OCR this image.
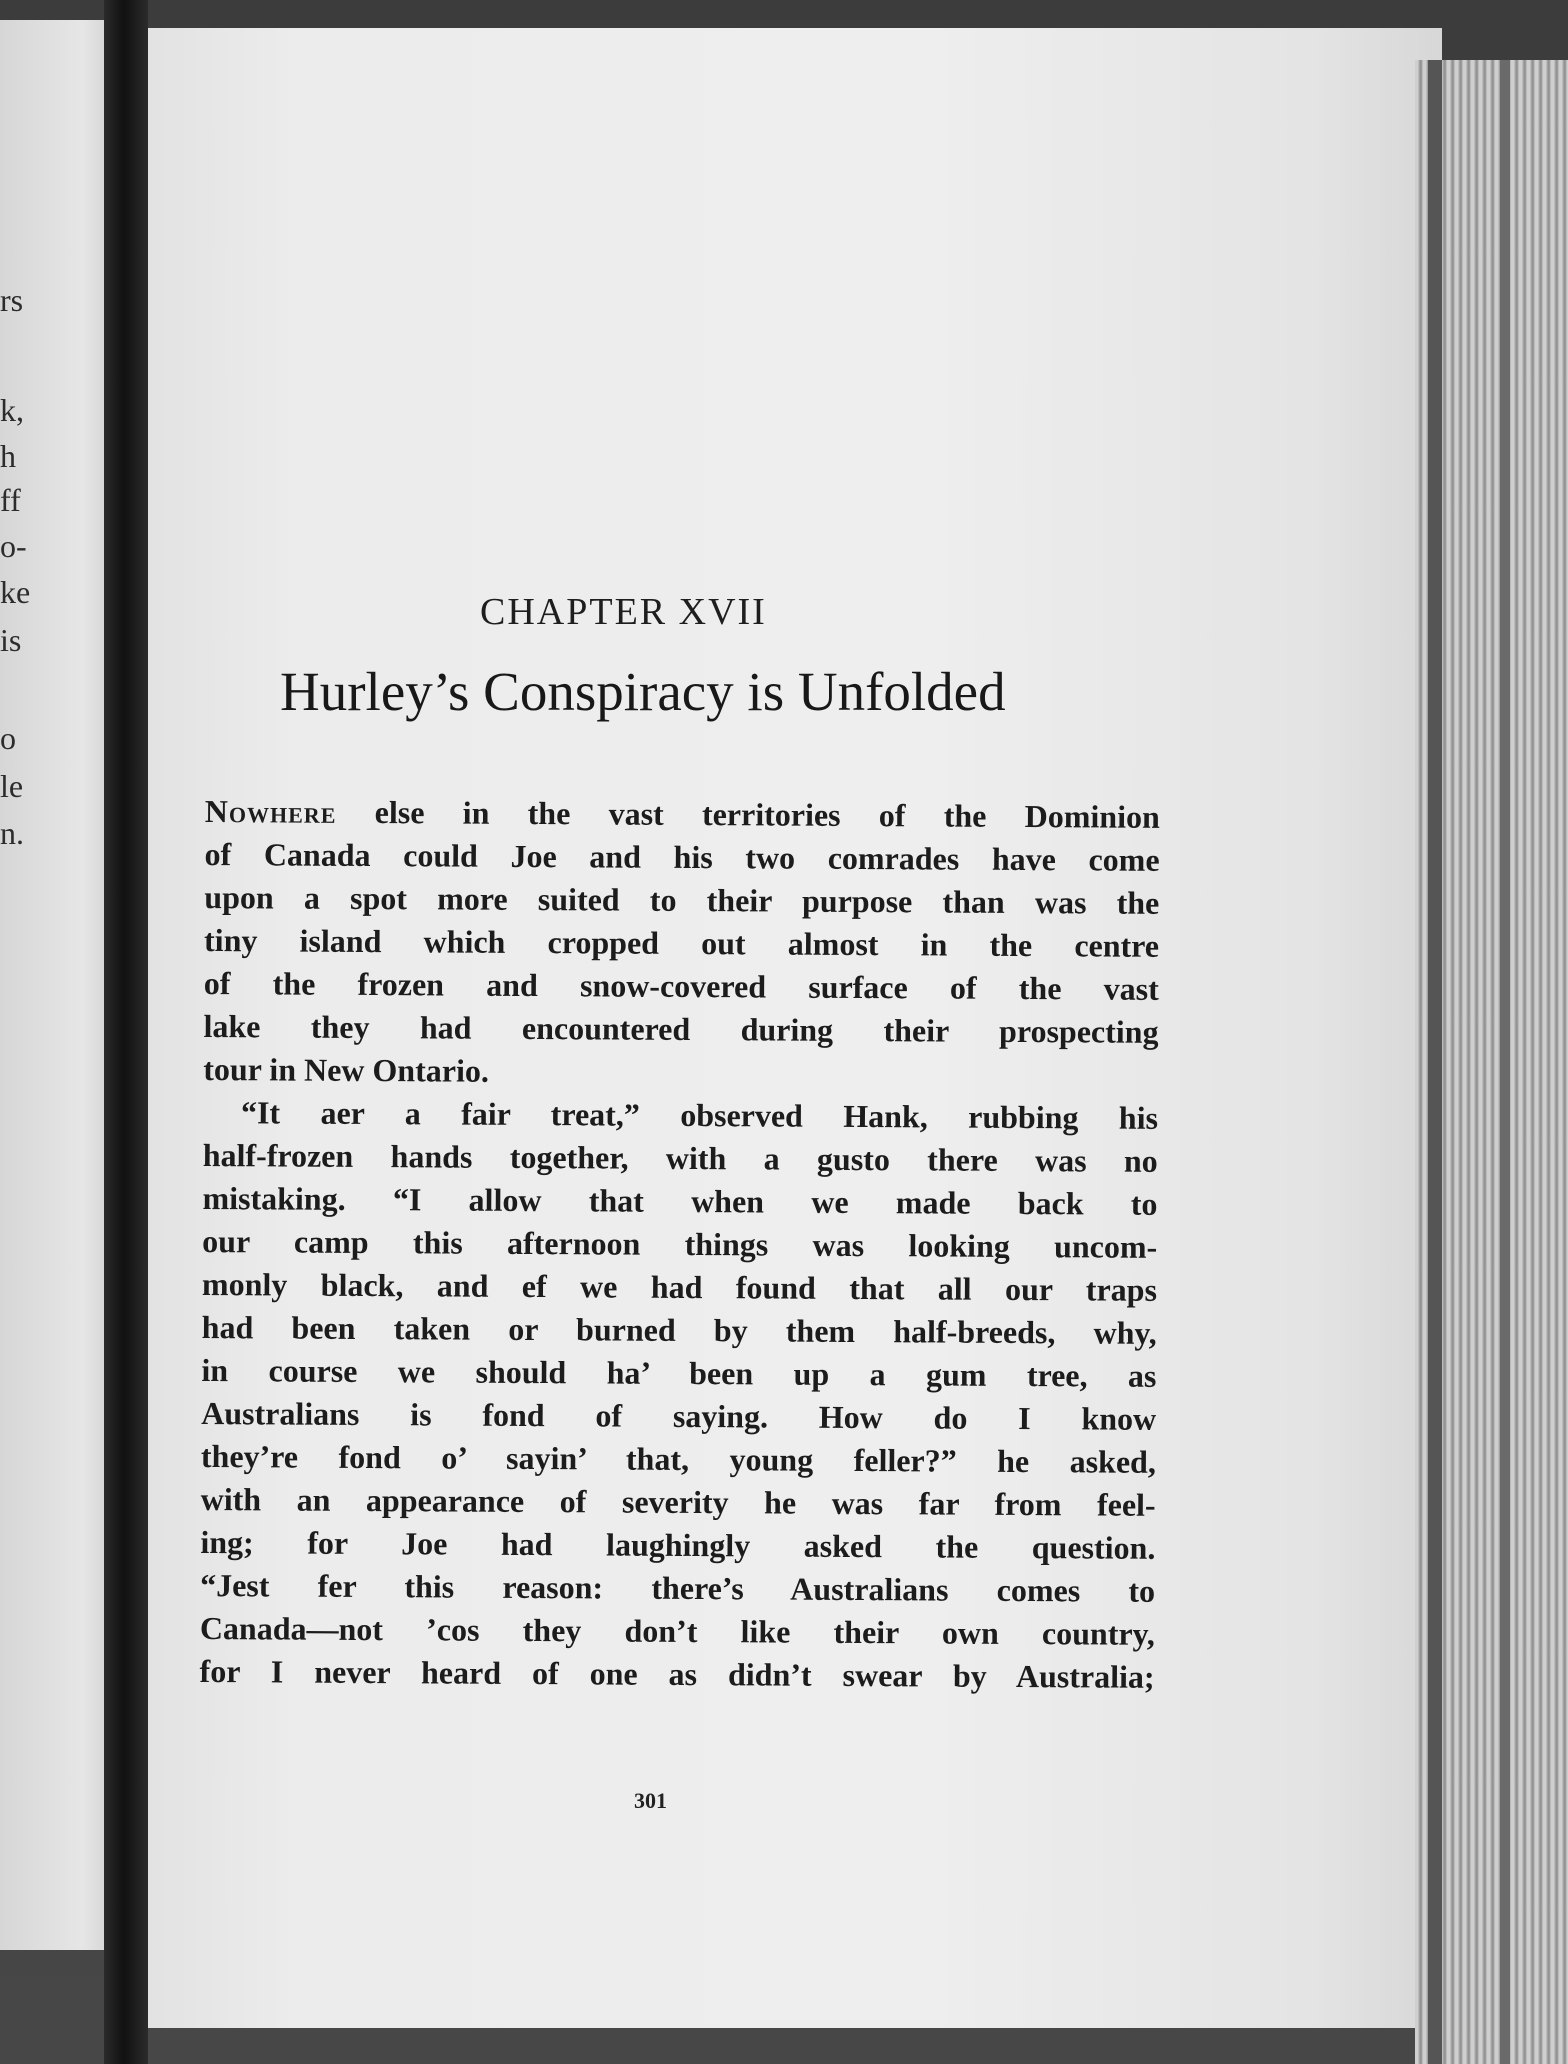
rs
k,
h
ff
o-
ke
is
o
le
n.
CHAPTER XVII
Hurley’s Conspiracy is Unfolded
Nowhere else in the vast territories of the Dominion
of Canada could Joe and his two comrades have come
upon a spot more suited to their purpose than was the
tiny island which cropped out almost in the centre
of the frozen and snow-covered surface of the vast
lake they had encountered during their prospecting
tour in New Ontario.
“It aer a fair treat,” observed Hank, rubbing his
half-frozen hands together, with a gusto there was no
mistaking. “I allow that when we made back to
our camp this afternoon things was looking uncom-
monly black, and ef we had found that all our traps
had been taken or burned by them half-breeds, why,
in course we should ha’ been up a gum tree, as
Australians is fond of saying. How do I know
they’re fond o’ sayin’ that, young feller?” he asked,
with an appearance of severity he was far from feel-
ing; for Joe had laughingly asked the question.
“Jest fer this reason: there’s Australians comes to
Canada—not ’cos they don’t like their own country,
for I never heard of one as didn’t swear by Australia;
301
